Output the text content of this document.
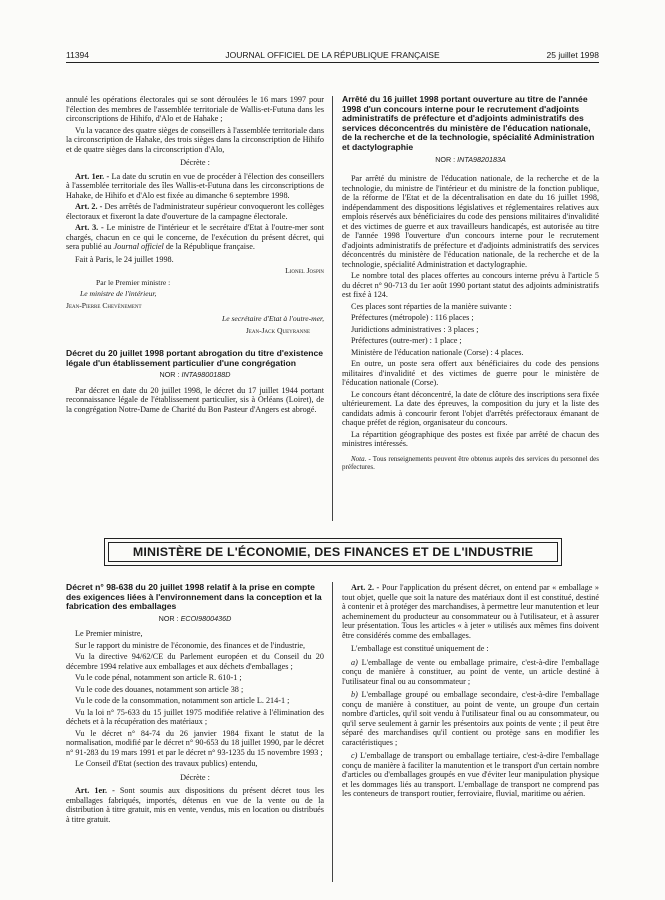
11394	JOURNAL OFFICIEL DE LA RÉPUBLIQUE FRANÇAISE	25 juillet 1998

annulé les opérations électorales qui se sont déroulées le 16 mars 1997 pour l'élection des membres de l'assemblée territoriale de Wallis-et-Futuna dans les circonscriptions de Hihifo, d'Alo et de Hahake ;

Vu la vacance des quatre sièges de conseillers à l'assemblée territoriale dans la circonscription de Hahake, des trois sièges dans la circonscription de Hihifo et de quatre sièges dans la circonscription d'Alo,

Décrète :

Art. 1er. - La date du scrutin en vue de procéder à l'élection des conseillers à l'assemblée territoriale des îles Wallis-et-Futuna dans les circonscriptions de Hahake, de Hihifo et d'Alo est fixée au dimanche 6 septembre 1998.

Art. 2. - Des arrêtés de l'administrateur supérieur convoqueront les collèges électoraux et fixeront la date d'ouverture de la campagne électorale.

Art. 3. - Le ministre de l'intérieur et le secrétaire d'Etat à l'outre-mer sont chargés, chacun en ce qui le concerne, de l'exécution du présent décret, qui sera publié au Journal officiel de la République française.

Fait à Paris, le 24 juillet 1998.

Lionel Jospin

Par le Premier ministre :

Le ministre de l'intérieur,

Jean-Pierre Chevènement

Le secrétaire d'Etat à l'outre-mer,

Jean-Jack Queyranne

Décret du 20 juillet 1998 portant abrogation du titre d'existence légale d'un établissement particulier d'une congrégation
NOR : INTA9800188D

Par décret en date du 20 juillet 1998, le décret du 17 juillet 1944 portant reconnaissance légale de l'établissement particulier, sis à Orléans (Loiret), de la congrégation Notre-Dame de Charité du Bon Pasteur d'Angers est abrogé.

Arrêté du 16 juillet 1998 portant ouverture au titre de l'année 1998 d'un concours interne pour le recrutement d'adjoints administratifs de préfecture et d'adjoints administratifs des services déconcentrés du ministère de l'éducation nationale, de la recherche et de la technologie, spécialité Administration et dactylographie
NOR : INTA9820183A

Par arrêté du ministre de l'éducation nationale, de la recherche et de la technologie, du ministre de l'intérieur et du ministre de la fonction publique, de la réforme de l'Etat et de la décentralisation en date du 16 juillet 1998, indépendamment des dispositions législatives et réglementaires relatives aux emplois réservés aux bénéficiaires du code des pensions militaires d'invalidité et des victimes de guerre et aux travailleurs handicapés, est autorisée au titre de l'année 1998 l'ouverture d'un concours interne pour le recrutement d'adjoints administratifs de préfecture et d'adjoints administratifs des services déconcentrés du ministère de l'éducation nationale, de la recherche et de la technologie, spécialité Administration et dactylographie.

Le nombre total des places offertes au concours interne prévu à l'article 5 du décret n° 90-713 du 1er août 1990 portant statut des adjoints administratifs est fixé à 124.

Ces places sont réparties de la manière suivante :

Préfectures (métropole) : 116 places ;

Juridictions administratives : 3 places ;

Préfectures (outre-mer) : 1 place ;

Ministère de l'éducation nationale (Corse) : 4 places.

En outre, un poste sera offert aux bénéficiaires du code des pensions militaires d'invalidité et des victimes de guerre pour le ministère de l'éducation nationale (Corse).

Le concours étant déconcentré, la date de clôture des inscriptions sera fixée ultérieurement. La date des épreuves, la composition du jury et la liste des candidats admis à concourir feront l'objet d'arrêtés préfectoraux émanant de chaque préfet de région, organisateur du concours.

La répartition géographique des postes est fixée par arrêté de chacun des ministres intéressés.

Nota. - Tous renseignements peuvent être obtenus auprès des services du personnel des préfectures.

MINISTÈRE DE L'ÉCONOMIE, DES FINANCES ET DE L'INDUSTRIE
Décret n° 98-638 du 20 juillet 1998 relatif à la prise en compte des exigences liées à l'environnement dans la conception et la fabrication des emballages
NOR : ECOI9800436D

Le Premier ministre,

Sur le rapport du ministre de l'économie, des finances et de l'industrie,

Vu la directive 94/62/CE du Parlement européen et du Conseil du 20 décembre 1994 relative aux emballages et aux déchets d'emballages ;

Vu le code pénal, notamment son article R. 610-1 ;

Vu le code des douanes, notamment son article 38 ;

Vu le code de la consommation, notamment son article L. 214-1 ;

Vu la loi n° 75-633 du 15 juillet 1975 modifiée relative à l'élimination des déchets et à la récupération des matériaux ;

Vu le décret n° 84-74 du 26 janvier 1984 fixant le statut de la normalisation, modifié par le décret n° 90-653 du 18 juillet 1990, par le décret n° 91-283 du 19 mars 1991 et par le décret n° 93-1235 du 15 novembre 1993 ;

Le Conseil d'Etat (section des travaux publics) entendu,

Décrète :

Art. 1er. - Sont soumis aux dispositions du présent décret tous les emballages fabriqués, importés, détenus en vue de la vente ou de la distribution à titre gratuit, mis en vente, vendus, mis en location ou distribués à titre gratuit.

Art. 2. - Pour l'application du présent décret, on entend par « emballage » tout objet, quelle que soit la nature des matériaux dont il est constitué, destiné à contenir et à protéger des marchandises, à permettre leur manutention et leur acheminement du producteur au consommateur ou à l'utilisateur, et à assurer leur présentation. Tous les articles « à jeter » utilisés aux mêmes fins doivent être considérés comme des emballages.

L'emballage est constitué uniquement de :

a) L'emballage de vente ou emballage primaire, c'est-à-dire l'emballage conçu de manière à constituer, au point de vente, un article destiné à l'utilisateur final ou au consommateur ;

b) L'emballage groupé ou emballage secondaire, c'est-à-dire l'emballage conçu de manière à constituer, au point de vente, un groupe d'un certain nombre d'articles, qu'il soit vendu à l'utilisateur final ou au consommateur, ou qu'il serve seulement à garnir les présentoirs aux points de vente ; il peut être séparé des marchandises qu'il contient ou protège sans en modifier les caractéristiques ;

c) L'emballage de transport ou emballage tertiaire, c'est-à-dire l'emballage conçu de manière à faciliter la manutention et le transport d'un certain nombre d'articles ou d'emballages groupés en vue d'éviter leur manipulation physique et les dommages liés au transport. L'emballage de transport ne comprend pas les conteneurs de transport routier, ferroviaire, fluvial, maritime ou aérien.
